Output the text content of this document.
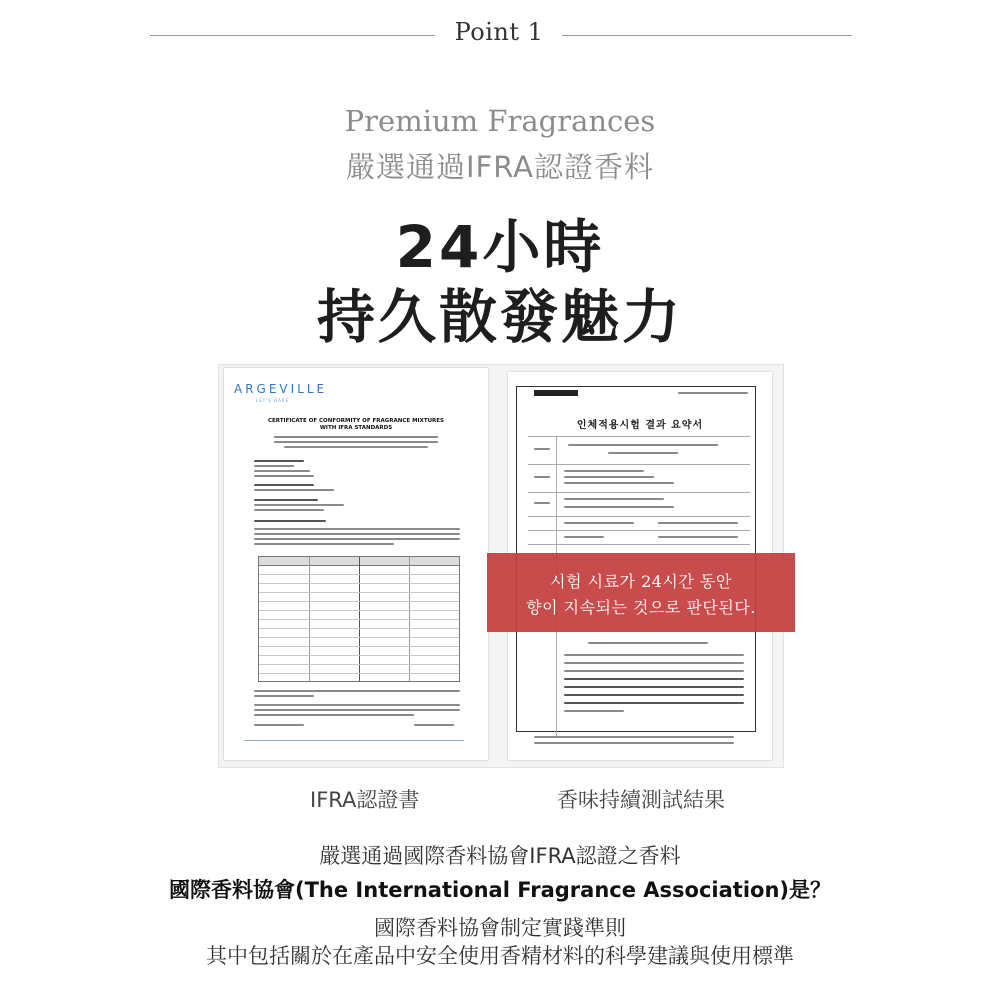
Point 1
Premium Fragrances
嚴選通過IFRA認證香料
24小時
持久散發魅力
ARGEVILLE
LET'S DARE
CERTIFICATE OF CONFORMITY OF FRAGRANCE MIXTURES
WITH IFRA STANDARDS	인체적용시험 결과 요약서
시험 시료가 24시간 동안
향이 지속되는 것으로 판단된다.
IFRA認證書	香味持續測試結果
嚴選通過國際香料協會IFRA認證之香料
國際香料協會(The International Fragrance Association)是？
國際香料協會制定實踐準則
其中包括關於在產品中安全使用香精材料的科學建議與使用標準
